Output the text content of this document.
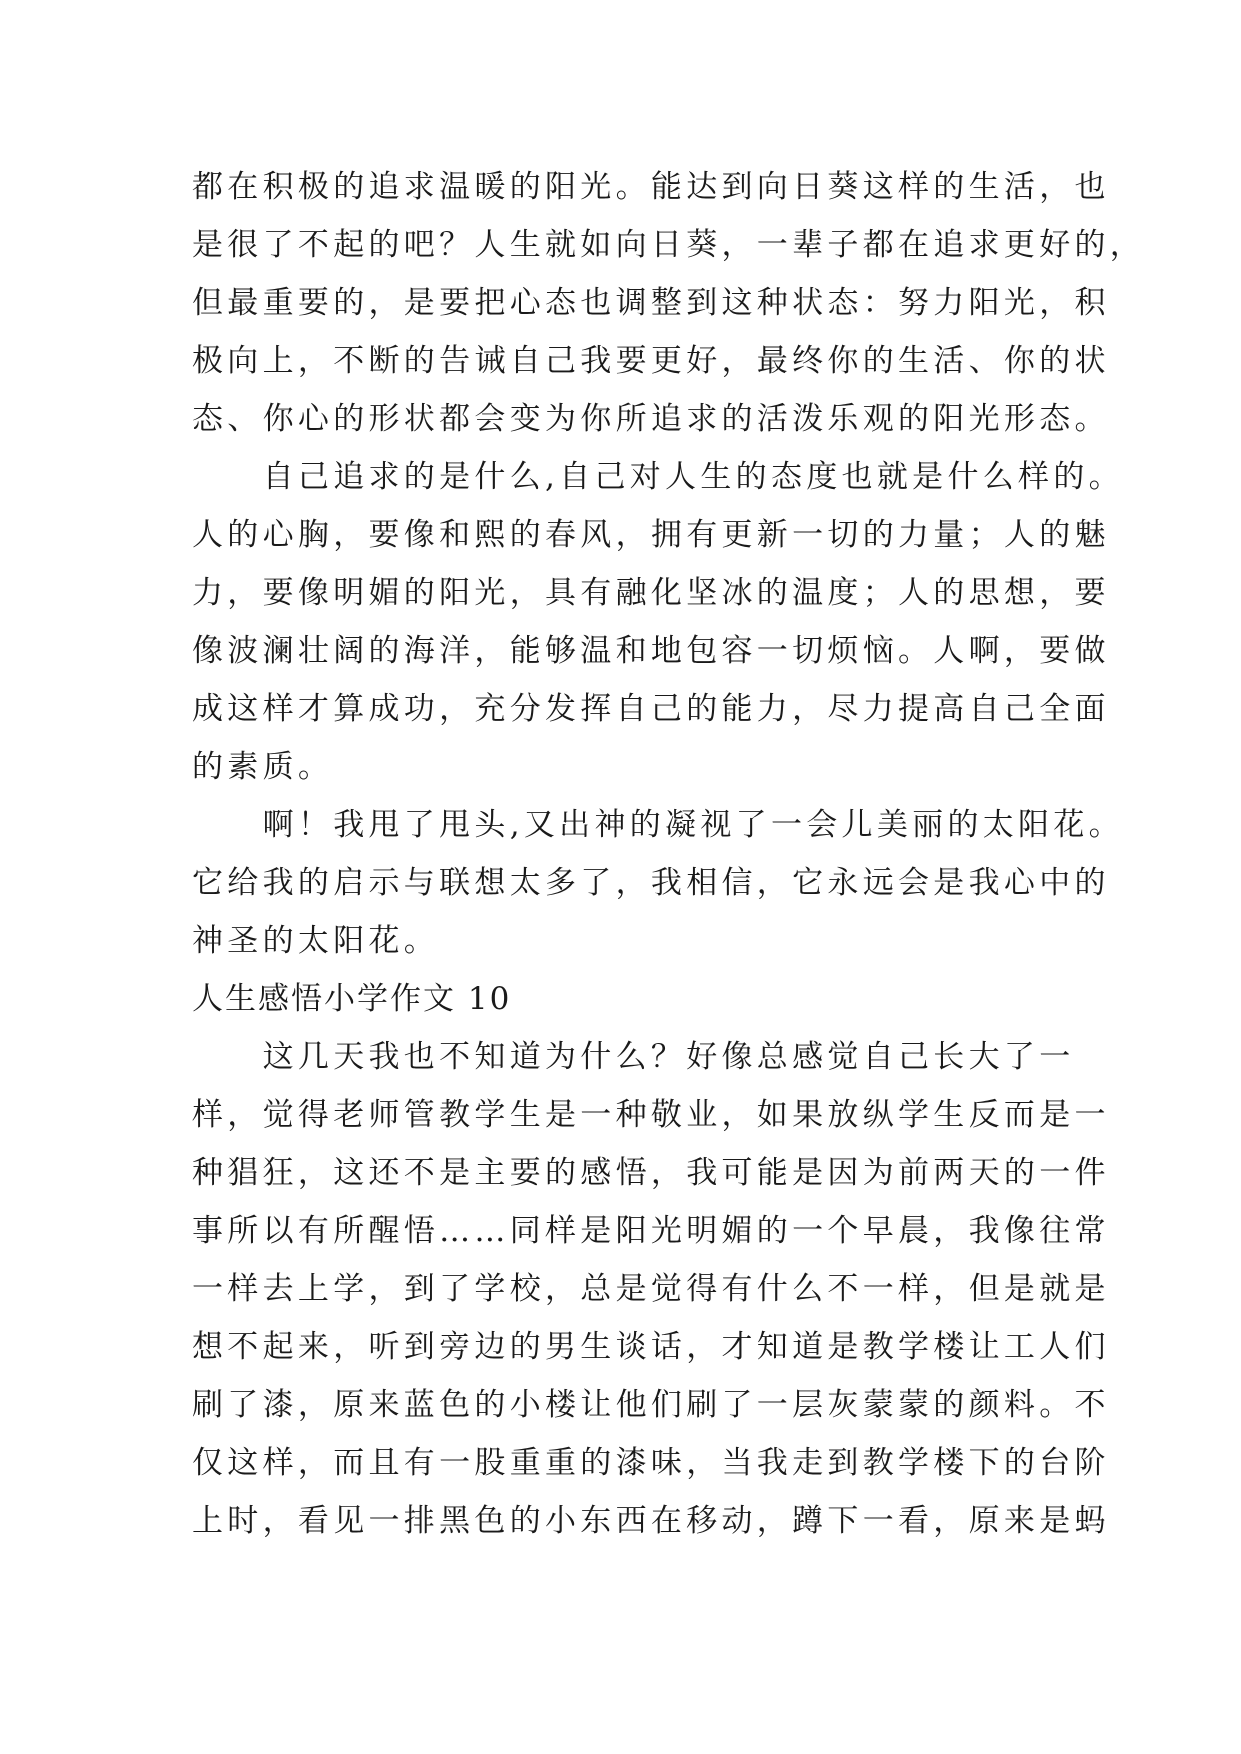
都在积极的追求温暖的阳光。能达到向日葵这样的生活，也
是很了不起的吧？人生就如向日葵，一辈子都在追求更好的，
但最重要的，是要把心态也调整到这种状态：努力阳光，积
极向上，不断的告诫自己我要更好，最终你的生活、你的状
态、你心的形状都会变为你所追求的活泼乐观的阳光形态。
　　自己追求的是什么,自己对人生的态度也就是什么样的。
人的心胸，要像和熙的春风，拥有更新一切的力量；人的魅
力，要像明媚的阳光，具有融化坚冰的温度；人的思想，要
像波澜壮阔的海洋，能够温和地包容一切烦恼。人啊，要做
成这样才算成功，充分发挥自己的能力，尽力提高自己全面
的素质。
　　啊！我甩了甩头,又出神的凝视了一会儿美丽的太阳花。
它给我的启示与联想太多了，我相信，它永远会是我心中的
神圣的太阳花。
人生感悟小学作文 10
　　这几天我也不知道为什么？好像总感觉自己长大了一
样，觉得老师管教学生是一种敬业，如果放纵学生反而是一
种猖狂，这还不是主要的感悟，我可能是因为前两天的一件
事所以有所醒悟……同样是阳光明媚的一个早晨，我像往常
一样去上学，到了学校，总是觉得有什么不一样，但是就是
想不起来，听到旁边的男生谈话，才知道是教学楼让工人们
刷了漆，原来蓝色的小楼让他们刷了一层灰蒙蒙的颜料。不
仅这样，而且有一股重重的漆味，当我走到教学楼下的台阶
上时，看见一排黑色的小东西在移动，蹲下一看，原来是蚂
